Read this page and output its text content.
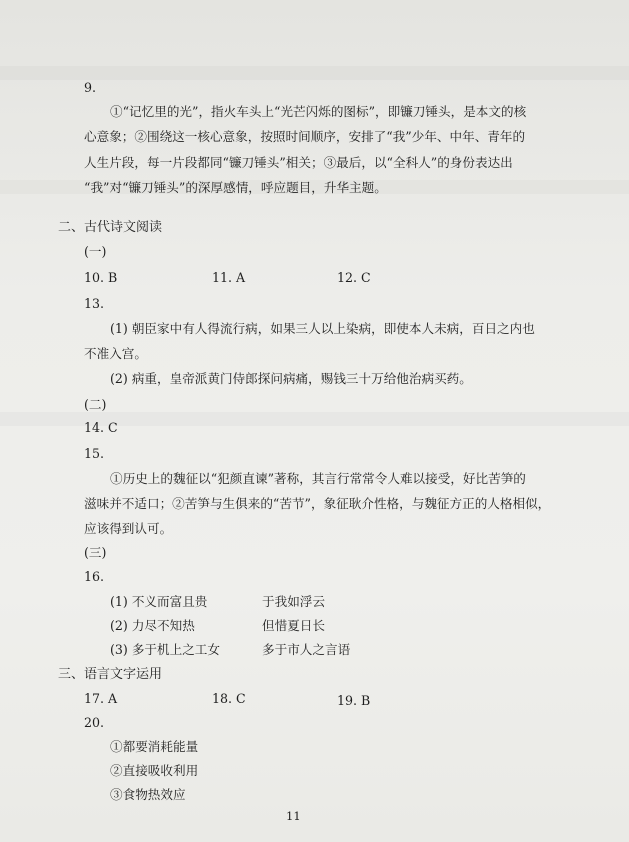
9.
①“记忆里的光”，指火车头上“光芒闪烁的图标”，即镰刀锤头，是本文的核
心意象；②围绕这一核心意象，按照时间顺序，安排了“我”少年、中年、青年的
人生片段，每一片段都同“镰刀锤头”相关；③最后，以“全科人”的身份表达出
“我”对“镰刀锤头”的深厚感情，呼应题目，升华主题。
二、古代诗文阅读
(一)
10. B	11. A	12. C
13.
(1) 朝臣家中有人得流行病，如果三人以上染病，即使本人未病，百日之内也
不准入宫。
(2) 病重，皇帝派黄门侍郎探问病痛，赐钱三十万给他治病买药。
(二)
14. C
15.
①历史上的魏征以“犯颜直谏”著称，其言行常常令人难以接受，好比苦笋的
滋味并不适口；②苦笋与生俱来的“苦节”，象征耿介性格，与魏征方正的人格相似，
应该得到认可。
(三)
16.
(1) 不义而富且贵	于我如浮云
(2) 力尽不知热	但惜夏日长
(3) 多于机上之工女	多于市人之言语
三、语言文字运用
17. A	18. C	19. B
20.
①都要消耗能量
②直接吸收利用
③食物热效应
11
